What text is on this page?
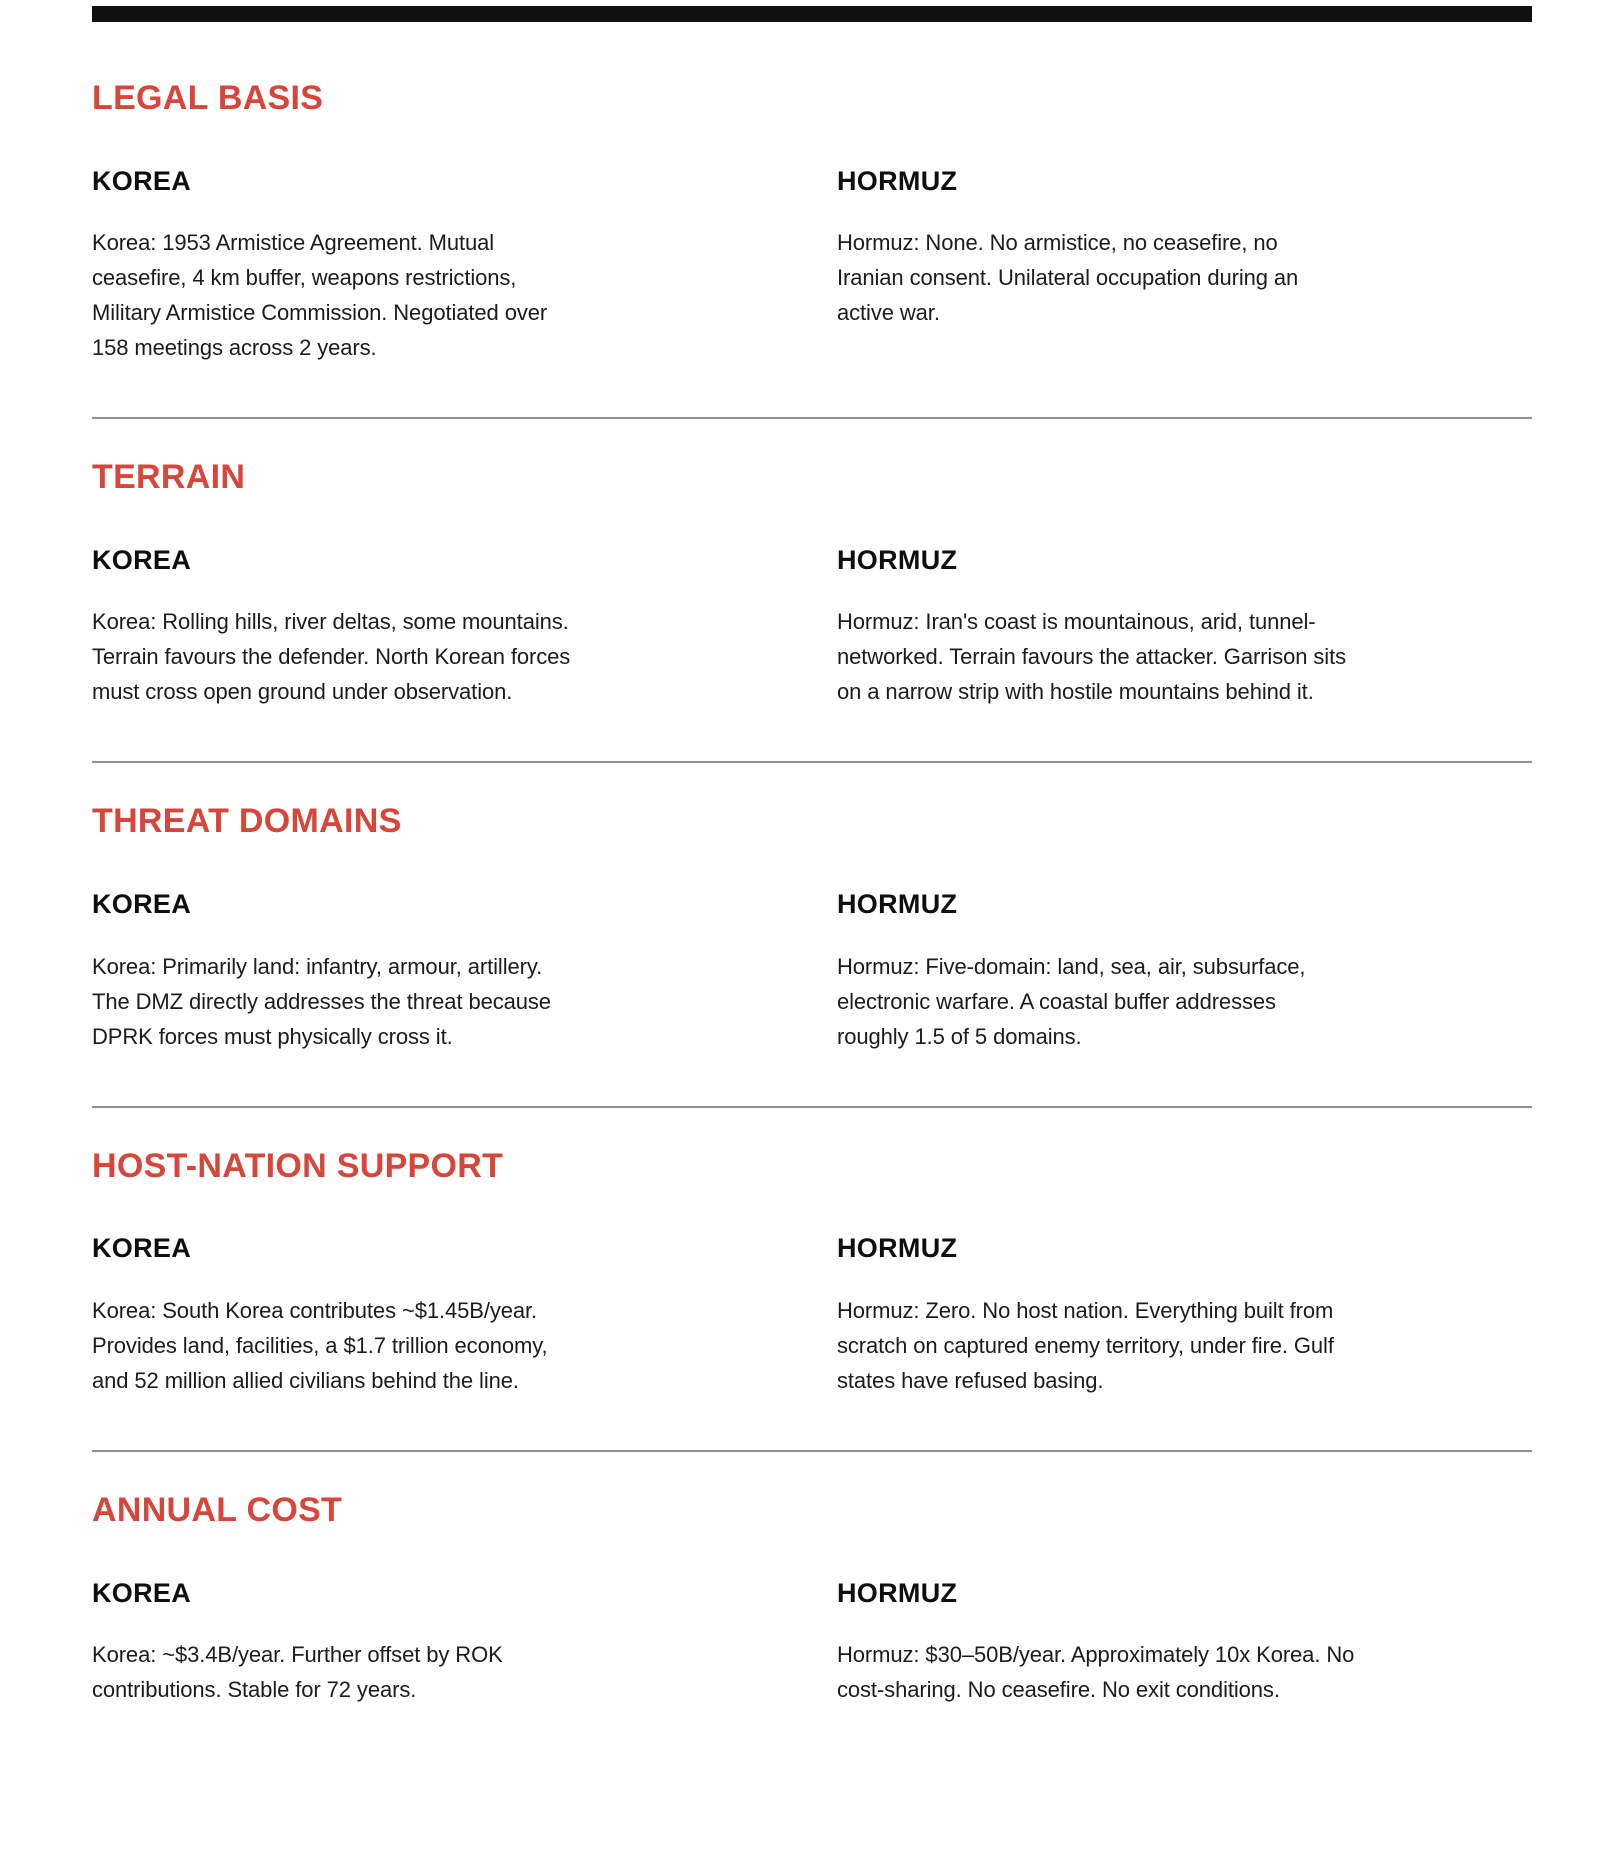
LEGAL BASIS
KOREA
Korea: 1953 Armistice Agreement. Mutual
ceasefire, 4 km buffer, weapons restrictions,
Military Armistice Commission. Negotiated over
158 meetings across 2 years.
HORMUZ
Hormuz: None. No armistice, no ceasefire, no
Iranian consent. Unilateral occupation during an
active war.
TERRAIN
KOREA
Korea: Rolling hills, river deltas, some mountains.
Terrain favours the defender. North Korean forces
must cross open ground under observation.
HORMUZ
Hormuz: Iran's coast is mountainous, arid, tunnel-
networked. Terrain favours the attacker. Garrison sits
on a narrow strip with hostile mountains behind it.
THREAT DOMAINS
KOREA
Korea: Primarily land: infantry, armour, artillery.
The DMZ directly addresses the threat because
DPRK forces must physically cross it.
HORMUZ
Hormuz: Five-domain: land, sea, air, subsurface,
electronic warfare. A coastal buffer addresses
roughly 1.5 of 5 domains.
HOST-NATION SUPPORT
KOREA
Korea: South Korea contributes ~$1.45B/year.
Provides land, facilities, a $1.7 trillion economy,
and 52 million allied civilians behind the line.
HORMUZ
Hormuz: Zero. No host nation. Everything built from
scratch on captured enemy territory, under fire. Gulf
states have refused basing.
ANNUAL COST
KOREA
Korea: ~$3.4B/year. Further offset by ROK
contributions. Stable for 72 years.
HORMUZ
Hormuz: $30–50B/year. Approximately 10x Korea. No
cost-sharing. No ceasefire. No exit conditions.
